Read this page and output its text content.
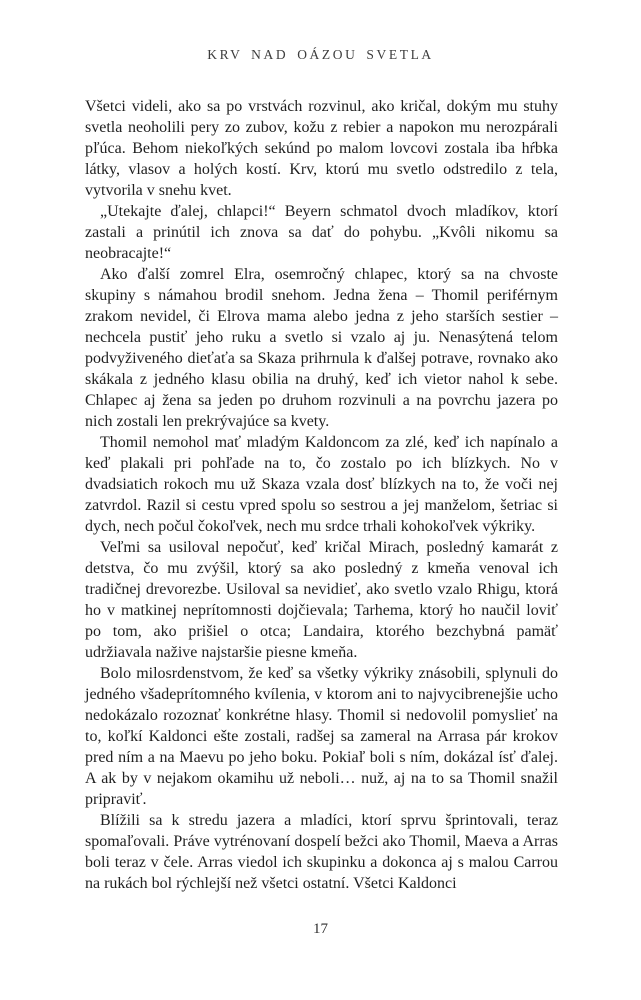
KRV NAD OÁZOU SVETLA

Všetci videli, ako sa po vrstvách rozvinul, ako kričal, dokým mu stuhy svetla neoholili pery zo zubov, kožu z rebier a napokon mu nerozpárali pľúca. Behom niekoľkých sekúnd po malom lovcovi zostala iba hŕbka látky, vlasov a holých kostí. Krv, ktorú mu svetlo odstredilo z tela, vytvorila v snehu kvet.

„Utekajte ďalej, chlapci!“ Beyern schmatol dvoch mladíkov, ktorí zastali a prinútil ich znova sa dať do pohybu. „Kvôli nikomu sa neobracajte!“

Ako ďalší zomrel Elra, osemročný chlapec, ktorý sa na chvoste skupiny s námahou brodil snehom. Jedna žena – Thomil periférnym zrakom nevidel, či Elrova mama alebo jedna z jeho starších sestier – nechcela pustiť jeho ruku a svetlo si vzalo aj ju. Nenasýtená telom podvyživeného dieťaťa sa Skaza prihrnula k ďalšej potrave, rovnako ako skákala z jedného klasu obilia na druhý, keď ich vietor nahol k sebe. Chlapec aj žena sa jeden po druhom rozvinuli a na povrchu jazera po nich zostali len prekrývajúce sa kvety.

Thomil nemohol mať mladým Kaldoncom za zlé, keď ich napínalo a keď plakali pri pohľade na to, čo zostalo po ich blízkych. No v dvadsiatich rokoch mu už Skaza vzala dosť blízkych na to, že voči nej zatvrdol. Razil si cestu vpred spolu so sestrou a jej manželom, šetriac si dych, nech počul čokoľvek, nech mu srdce trhali kohokoľvek výkriky.

Veľmi sa usiloval nepočuť, keď kričal Mirach, posledný kamarát z detstva, čo mu zvýšil, ktorý sa ako posledný z kmeňa venoval ich tradičnej drevorezbe. Usiloval sa nevidieť, ako svetlo vzalo Rhigu, ktorá ho v matkinej neprítomnosti dojčievala; Tarhema, ktorý ho naučil loviť po tom, ako prišiel o otca; Landaira, ktorého bezchybná pamäť udržiavala nažive najstaršie piesne kmeňa.

Bolo milosrdenstvom, že keď sa všetky výkriky znásobili, splynuli do jedného všadeprítomného kvílenia, v ktorom ani to najvycibrenejšie ucho nedokázalo rozoznať konkrétne hlasy. Thomil si nedovolil pomyslieť na to, koľkí Kaldonci ešte zostali, radšej sa zameral na Arrasa pár krokov pred ním a na Maevu po jeho boku. Pokiaľ boli s ním, dokázal ísť ďalej. A ak by v nejakom okamihu už neboli… nuž, aj na to sa Thomil snažil pripraviť.

Blížili sa k stredu jazera a mladíci, ktorí sprvu šprintovali, teraz spomaľovali. Práve vytrénovaní dospelí bežci ako Thomil, Maeva a Arras boli teraz v čele. Arras viedol ich skupinku a dokonca aj s malou Carrou na rukách bol rýchlejší než všetci ostatní. Všetci Kaldonci

17
